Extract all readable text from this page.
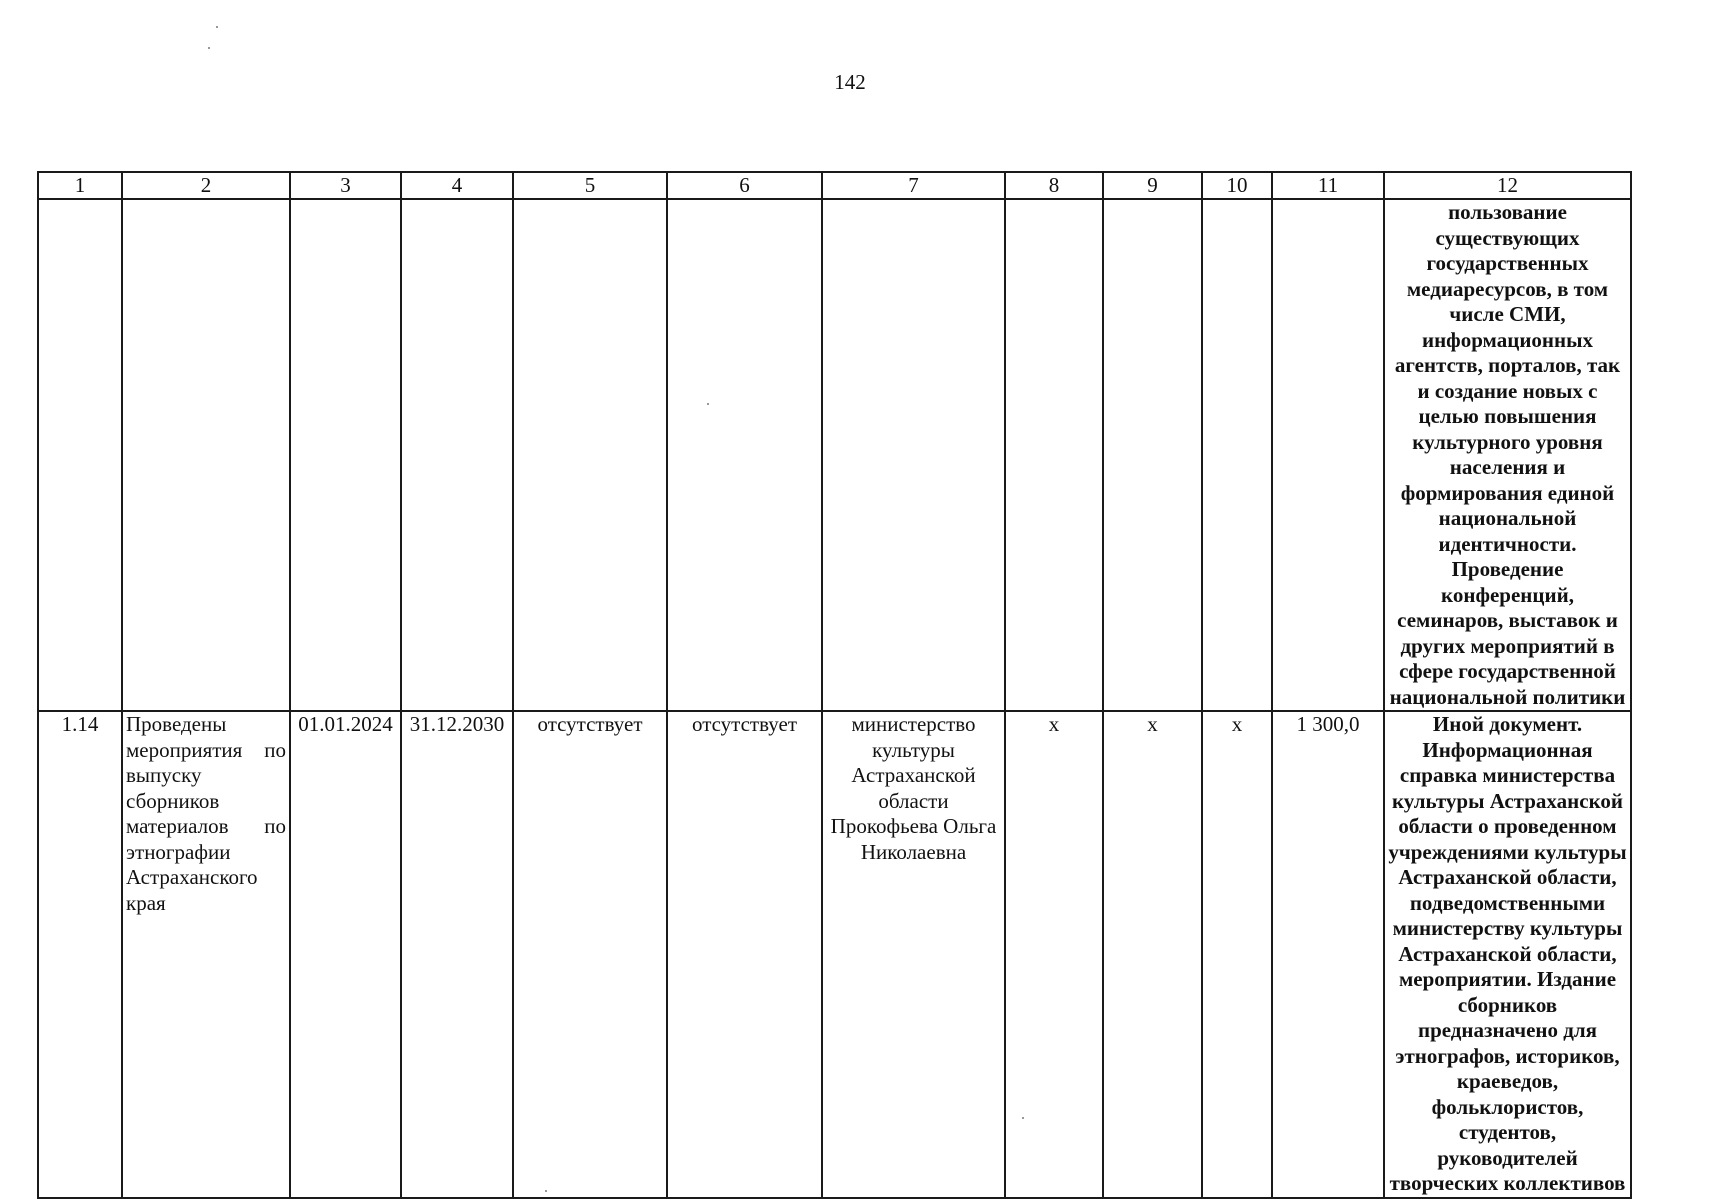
142
1	2	3	4	5	6	7	8	9	10	11	12
											пользование существующих государственных медиаресурсов, в том числе СМИ, информационных агентств, порталов, так и создание новых с целью повышения культурного уровня населения и формирования единой национальной идентичности. Проведение конференций, семинаров, выставок и других мероприятий в сфере государственной национальной политики
1.14	Проведены мероприятия по выпуску сборников материалов по этнографии Астраханского края	01.01.2024	31.12.2030	отсутствует	отсутствует	министерство культуры Астраханской области Прокофьева Ольга Николаевна	х	х	х	1 300,0	Иной документ. Информационная справка министерства культуры Астраханской области о проведенном учреждениями культуры Астраханской области, подведомственными министерству культуры Астраханской области, мероприятии. Издание сборников предназначено для этнографов, историков, краеведов, фольклористов, студентов, руководителей творческих коллективов
